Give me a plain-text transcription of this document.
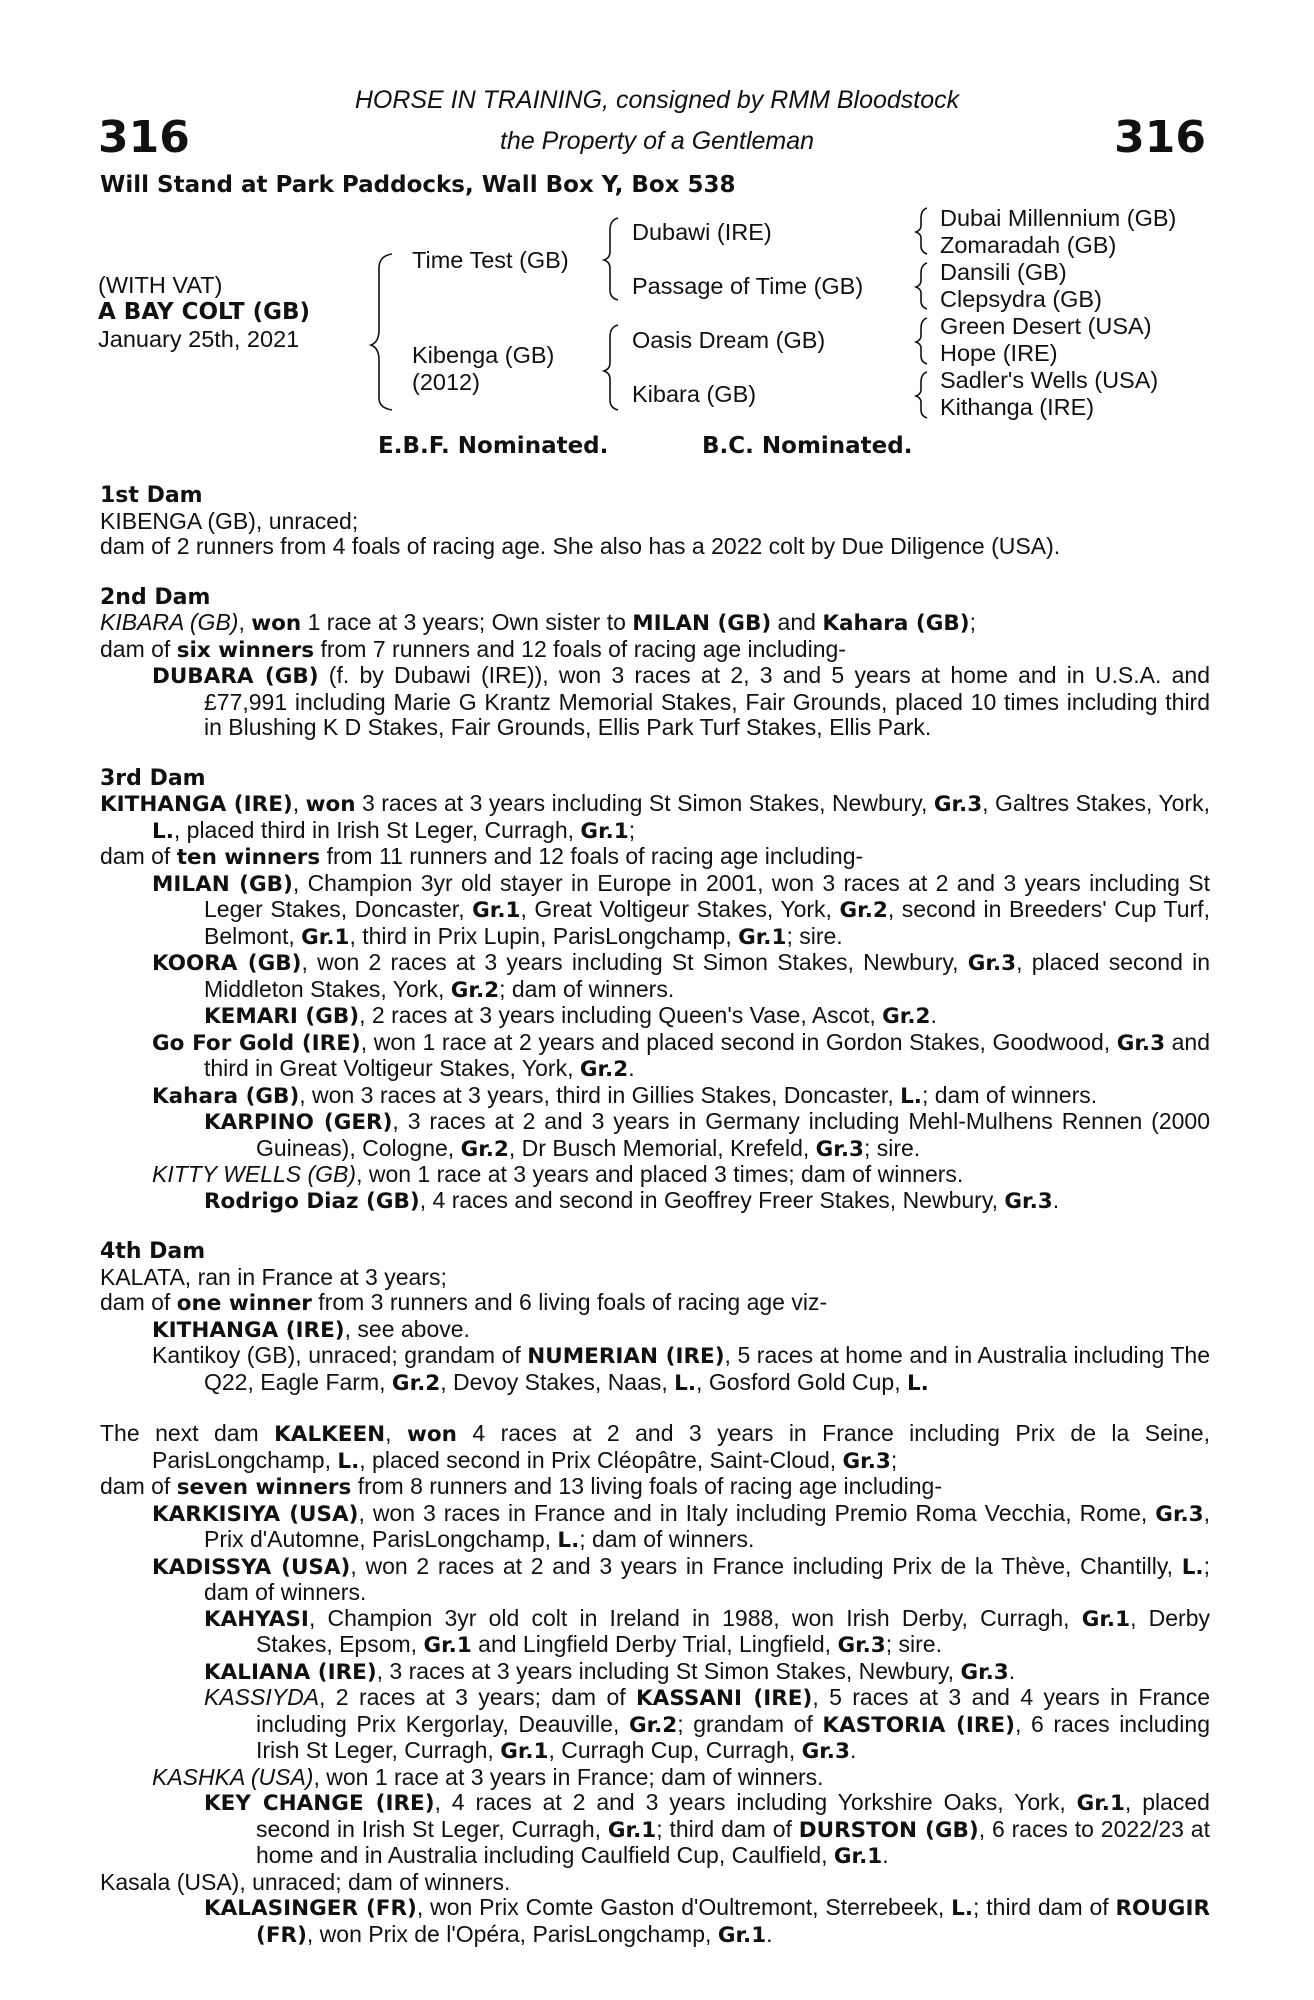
316	316
HORSE IN TRAINING, consigned by RMM Bloodstock
the Property of a Gentleman
Will Stand at Park Paddocks, Wall Box Y, Box 538
(WITH VAT)
A BAY COLT (GB)
January 25th, 2021
Time Test (GB)
Kibenga (GB)
(2012)
Dubawi (IRE)
Passage of Time (GB)
Oasis Dream (GB)
Kibara (GB)
Dubai Millennium (GB)
Zomaradah (GB)
Dansili (GB)
Clepsydra (GB)
Green Desert (USA)
Hope (IRE)
Sadler's Wells (USA)
Kithanga (IRE)
E.B.F. Nominated.	B.C. Nominated.
1st Dam
KIBENGA (GB), unraced;
dam of 2 runners from 4 foals of racing age. She also has a 2022 colt by Due Diligence (USA).
2nd Dam
KIBARA (GB), won 1 race at 3 years; Own sister to MILAN (GB) and Kahara (GB);
dam of six winners from 7 runners and 12 foals of racing age including-
DUBARA (GB) (f. by Dubawi (IRE)), won 3 races at 2, 3 and 5 years at home and in U.S.A. and £77,991 including Marie G Krantz Memorial Stakes, Fair Grounds, placed 10 times including third in Blushing K D Stakes, Fair Grounds, Ellis Park Turf Stakes, Ellis Park.
3rd Dam
KITHANGA (IRE), won 3 races at 3 years including St Simon Stakes, Newbury, Gr.3, Galtres Stakes, York, L., placed third in Irish St Leger, Curragh, Gr.1;
dam of ten winners from 11 runners and 12 foals of racing age including-
MILAN (GB), Champion 3yr old stayer in Europe in 2001, won 3 races at 2 and 3 years including St Leger Stakes, Doncaster, Gr.1, Great Voltigeur Stakes, York, Gr.2, second in Breeders' Cup Turf, Belmont, Gr.1, third in Prix Lupin, ParisLongchamp, Gr.1; sire.
KOORA (GB), won 2 races at 3 years including St Simon Stakes, Newbury, Gr.3, placed second in Middleton Stakes, York, Gr.2; dam of winners.
KEMARI (GB), 2 races at 3 years including Queen's Vase, Ascot, Gr.2.
Go For Gold (IRE), won 1 race at 2 years and placed second in Gordon Stakes, Goodwood, Gr.3 and third in Great Voltigeur Stakes, York, Gr.2.
Kahara (GB), won 3 races at 3 years, third in Gillies Stakes, Doncaster, L.; dam of winners.
KARPINO (GER), 3 races at 2 and 3 years in Germany including Mehl-Mulhens Rennen (2000 Guineas), Cologne, Gr.2, Dr Busch Memorial, Krefeld, Gr.3; sire.
KITTY WELLS (GB), won 1 race at 3 years and placed 3 times; dam of winners.
Rodrigo Diaz (GB), 4 races and second in Geoffrey Freer Stakes, Newbury, Gr.3.
4th Dam
KALATA, ran in France at 3 years;
dam of one winner from 3 runners and 6 living foals of racing age viz-
KITHANGA (IRE), see above.
Kantikoy (GB), unraced; grandam of NUMERIAN (IRE), 5 races at home and in Australia including The Q22, Eagle Farm, Gr.2, Devoy Stakes, Naas, L., Gosford Gold Cup, L.
The next dam KALKEEN, won 4 races at 2 and 3 years in France including Prix de la Seine, ParisLongchamp, L., placed second in Prix Cléopâtre, Saint-Cloud, Gr.3;
dam of seven winners from 8 runners and 13 living foals of racing age including-
KARKISIYA (USA), won 3 races in France and in Italy including Premio Roma Vecchia, Rome, Gr.3, Prix d'Automne, ParisLongchamp, L.; dam of winners.
KADISSYA (USA), won 2 races at 2 and 3 years in France including Prix de la Thève, Chantilly, L.; dam of winners.
KAHYASI, Champion 3yr old colt in Ireland in 1988, won Irish Derby, Curragh, Gr.1, Derby Stakes, Epsom, Gr.1 and Lingfield Derby Trial, Lingfield, Gr.3; sire.
KALIANA (IRE), 3 races at 3 years including St Simon Stakes, Newbury, Gr.3.
KASSIYDA, 2 races at 3 years; dam of KASSANI (IRE), 5 races at 3 and 4 years in France including Prix Kergorlay, Deauville, Gr.2; grandam of KASTORIA (IRE), 6 races including Irish St Leger, Curragh, Gr.1, Curragh Cup, Curragh, Gr.3.
KASHKA (USA), won 1 race at 3 years in France; dam of winners.
KEY CHANGE (IRE), 4 races at 2 and 3 years including Yorkshire Oaks, York, Gr.1, placed second in Irish St Leger, Curragh, Gr.1; third dam of DURSTON (GB), 6 races to 2022/23 at home and in Australia including Caulfield Cup, Caulfield, Gr.1.
Kasala (USA), unraced; dam of winners.
KALASINGER (FR), won Prix Comte Gaston d'Oultremont, Sterrebeek, L.; third dam of ROUGIR (FR), won Prix de l'Opéra, ParisLongchamp, Gr.1.
